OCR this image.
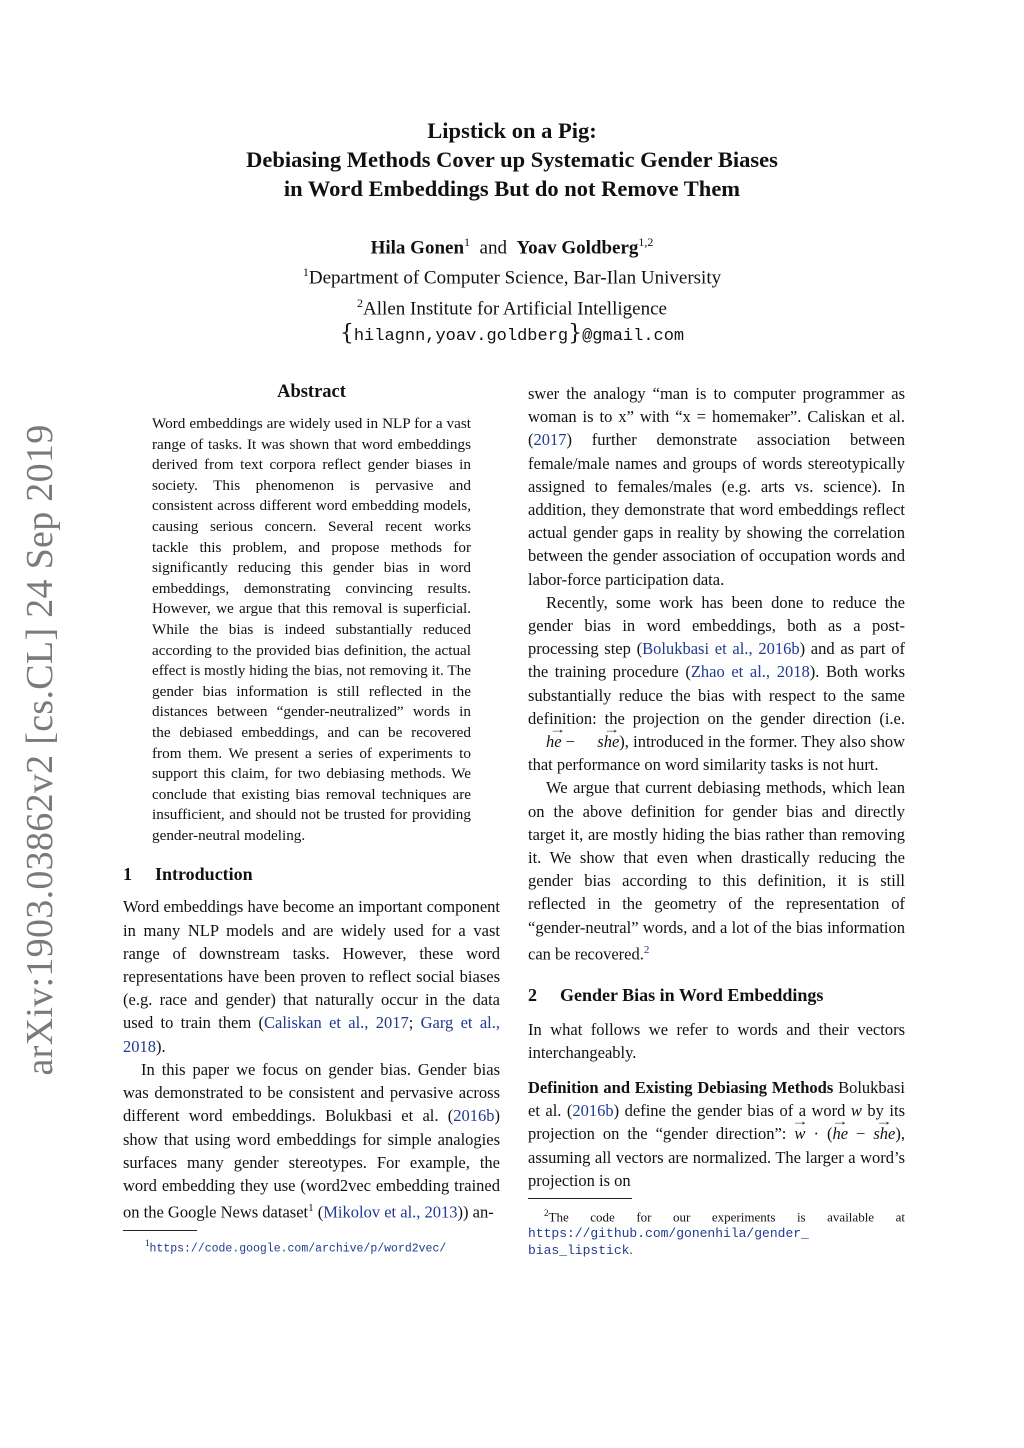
arXiv:1903.03862v2 [cs.CL] 24 Sep 2019
Lipstick on a Pig:
Debiasing Methods Cover up Systematic Gender Biases
in Word Embeddings But do not Remove Them
Hila Gonen$^1$ and Yoav Goldberg$^{1,2}$
$^1$Department of Computer Science, Bar-Ilan University
$^2$Allen Institute for Artificial Intelligence
{hilagnn,yoav.goldberg}@gmail.com
Abstract
Word embeddings are widely used in NLP for a vast range of tasks. It was shown that word embeddings derived from text corpora reflect gender biases in society. This phenomenon is pervasive and consistent across different word embedding models, causing serious concern. Several recent works tackle this problem, and propose methods for significantly reducing this gender bias in word embeddings, demonstrating convincing results. However, we argue that this removal is superficial. While the bias is indeed substantially reduced according to the provided bias definition, the actual effect is mostly hiding the bias, not removing it. The gender bias information is still reflected in the distances between “gender-neutralized” words in the debiased embeddings, and can be recovered from them. We present a series of experiments to support this claim, for two debiasing methods. We conclude that existing bias removal techniques are insufficient, and should not be trusted for providing gender-neutral modeling.
1 Introduction

Word embeddings have become an important component in many NLP models and are widely used for a vast range of downstream tasks. However, these word representations have been proven to reflect social biases (e.g. race and gender) that naturally occur in the data used to train them (Caliskan et al., 2017; Garg et al., 2018).

In this paper we focus on gender bias. Gender bias was demonstrated to be consistent and pervasive across different word embeddings. Bolukbasi et al. (2016b) show that using word embeddings for simple analogies surfaces many gender stereotypes. For example, the word embedding they use (word2vec embedding trained on the Google News dataset$^1$ (Mikolov et al., 2013)) an-

$^1$https://code.google.com/archive/p/word2vec/

swer the analogy “man is to computer programmer as woman is to x” with “x = homemaker”. Caliskan et al. (2017) further demonstrate association between female/male names and groups of words stereotypically assigned to females/males (e.g. arts vs. science). In addition, they demonstrate that word embeddings reflect actual gender gaps in reality by showing the correlation between the gender association of occupation words and labor-force participation data.

Recently, some work has been done to reduce the gender bias in word embeddings, both as a post-processing step (Bolukbasi et al., 2016b) and as part of the training procedure (Zhao et al., 2018). Both works substantially reduce the bias with respect to the same definition: the projection on the gender direction (i.e. → he − → she), introduced in the former. They also show that performance on word similarity tasks is not hurt.

We argue that current debiasing methods, which lean on the above definition for gender bias and directly target it, are mostly hiding the bias rather than removing it. We show that even when drastically reducing the gender bias according to this definition, it is still reflected in the geometry of the representation of “gender-neutral” words, and a lot of the bias information can be recovered.$^2$

2 Gender Bias in Word Embeddings

In what follows we refer to words and their vectors interchangeably.

Definition and Existing Debiasing Methods Bolukbasi et al. (2016b) define the gender bias of a word w by its projection on the “gender direction”: → w · (→ he − → she), assuming all vectors are normalized. The larger a word’s projection is on

$^2$The code for our experiments is available at https://github.com/gonenhila/gender_
bias_lipstick.
